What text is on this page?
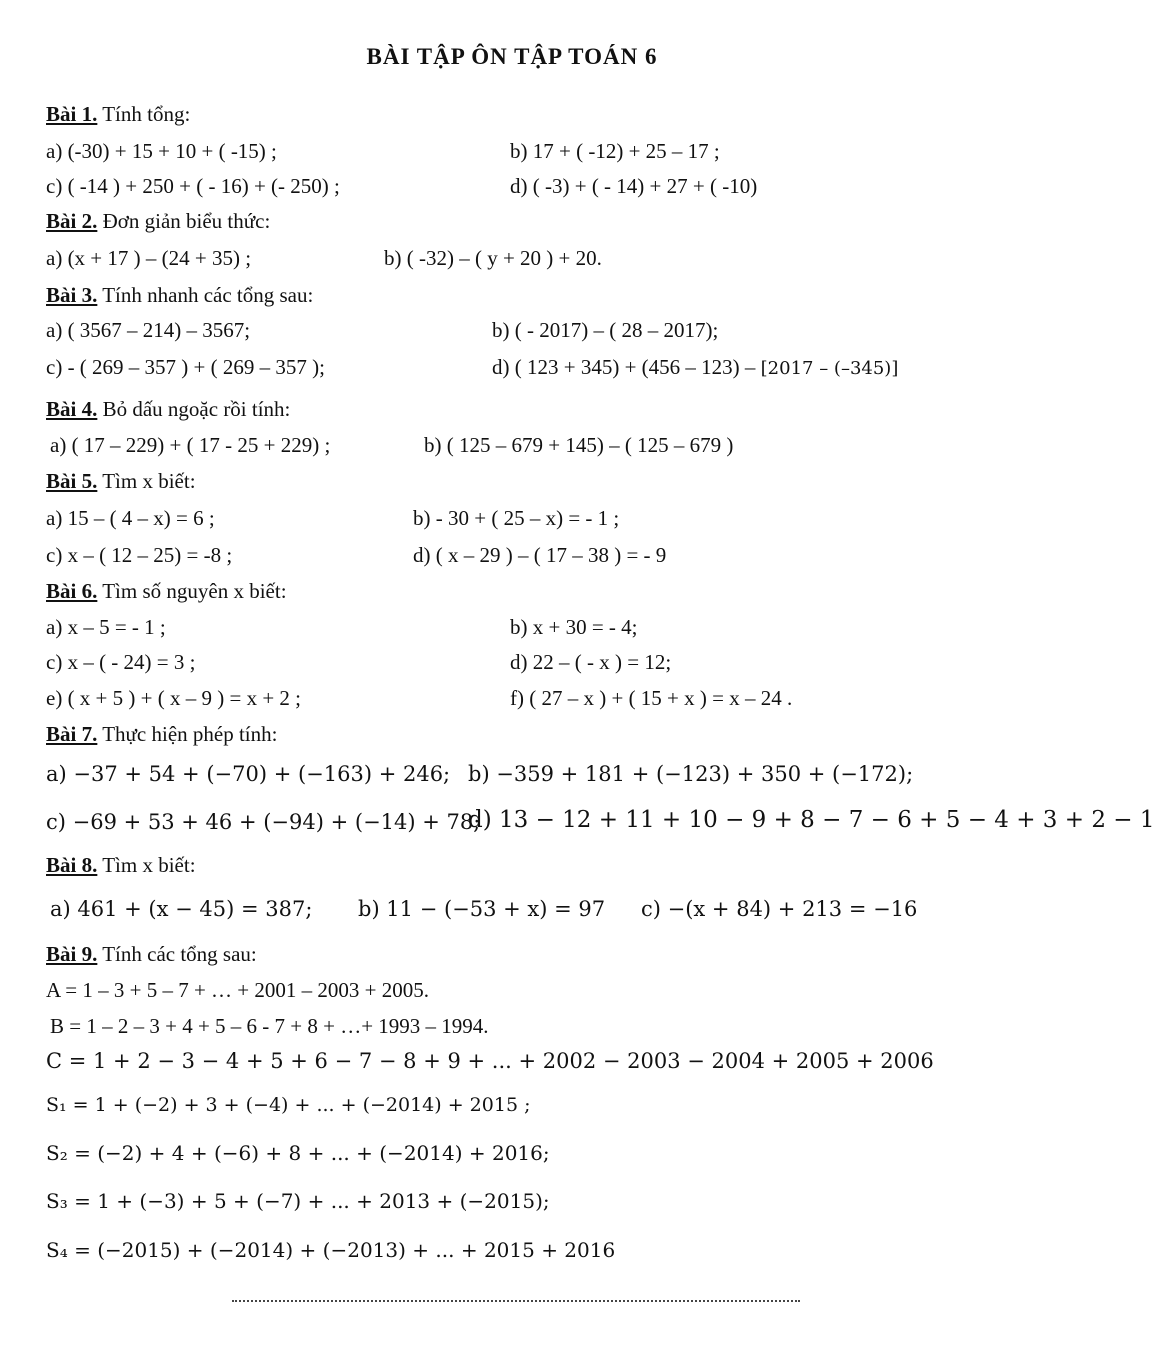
BÀI TẬP ÔN TẬP TOÁN 6
Bài 1. Tính tổng:
a) (-30) + 15 + 10 + ( -15) ;	b) 17 + ( -12) + 25 – 17 ;
c) ( -14 ) + 250 + ( - 16) + (- 250) ;	d) ( -3) + ( - 14) + 27 + ( -10)
Bài 2. Đơn giản biểu thức:
a) (x + 17 ) – (24 + 35) ;	b) ( -32) – ( y + 20 ) + 20.
Bài 3. Tính nhanh các tổng sau:
a) ( 3567 – 214) – 3567;	b) ( - 2017) – ( 28 – 2017);
c) - ( 269 – 357 ) + ( 269 – 357 );	d) ( 123 + 345) + (456 – 123) – [2017 – (–345)]
Bài 4. Bỏ dấu ngoặc rồi tính:
a) ( 17 – 229) + ( 17 - 25 + 229) ;	b) ( 125 – 679 + 145) – ( 125 – 679 )
Bài 5. Tìm x biết:
a) 15 – ( 4 – x) = 6 ;	b) - 30 + ( 25 – x) = - 1 ;
c) x – ( 12 – 25) = -8 ;	d) ( x – 29 ) – ( 17 – 38 ) = - 9
Bài 6. Tìm số nguyên x biết:
a) x – 5 = - 1 ;	b) x + 30 = - 4;
c) x – ( - 24) = 3 ;	d) 22 – ( - x ) = 12;
e) ( x + 5 ) + ( x – 9 ) = x + 2 ;	f) ( 27 – x ) + ( 15 + x ) = x – 24 .
Bài 7. Thực hiện phép tính:
a) −37 + 54 + (−70) + (−163) + 246; b) −359 + 181 + (−123) + 350 + (−172);
c) −69 + 53 + 46 + (−94) + (−14) + 78;
d) 13 − 12 + 11 + 10 − 9 + 8 − 7 − 6 + 5 − 4 + 3 + 2 − 1
Bài 8. Tìm x biết:
a) 461 + (x − 45) = 387; b) 11 − (−53 + x) = 97 c) −(x + 84) + 213 = −16
Bài 9. Tính các tổng sau:
A = 1 – 3 + 5 – 7 + … + 2001 – 2003 + 2005.
B = 1 – 2 – 3 + 4 + 5 – 6 - 7 + 8 + …+ 1993 – 1994.
C = 1 + 2 − 3 − 4 + 5 + 6 − 7 − 8 + 9 + ... + 2002 − 2003 − 2004 + 2005 + 2006
S₁ = 1 + (−2) + 3 + (−4) + ... + (−2014) + 2015 ;
S₂ = (−2) + 4 + (−6) + 8 + ... + (−2014) + 2016;
S₃ = 1 + (−3) + 5 + (−7) + ... + 2013 + (−2015);
S₄ = (−2015) + (−2014) + (−2013) + ... + 2015 + 2016
